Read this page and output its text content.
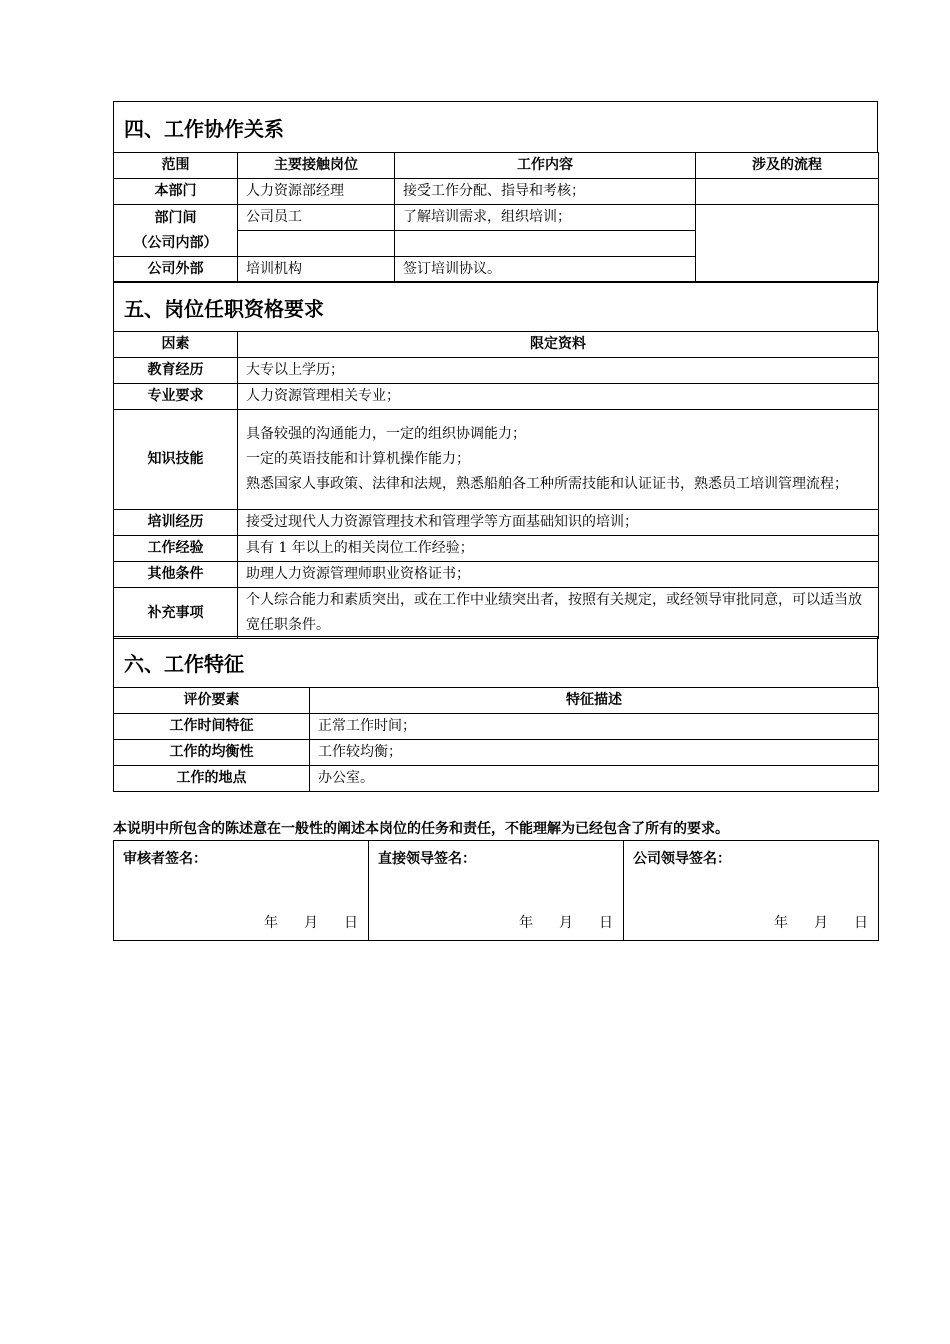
四、工作协作关系
范围	主要接触岗位	工作内容	涉及的流程
本部门	人力资源部经理	接受工作分配、指导和考核；	

部门间
（公司内部）	公司员工	了解培训需求，组织培训；	

公司外部	培训机构	签订培训协议。	
五、岗位任职资格要求
因素	限定资料
教育经历	大专以上学历；
专业要求	人力资源管理相关专业；
知识技能	具备较强的沟通能力，一定的组织协调能力；
一定的英语技能和计算机操作能力；
熟悉国家人事政策、法律和法规，熟悉船舶各工种所需技能和认证证书，熟悉员工培训管理流程；

培训经历	接受过现代人力资源管理技术和管理学等方面基础知识的培训；
工作经验	具有 1 年以上的相关岗位工作经验；
其他条件	助理人力资源管理师职业资格证书；
补充事项	个人综合能力和素质突出，或在工作中业绩突出者，按照有关规定，或经领导审批同意，可以适当放宽任职条件。
六、工作特征
评价要素	特征描述
工作时间特征	正常工作时间；
工作的均衡性	工作较均衡；
工作的地点	办公室。
本说明中所包含的陈述意在一般性的阐述本岗位的任务和责任，不能理解为已经包含了所有的要求。
审核者签名：
年 月 日

直接领导签名：
年 月 日

公司领导签名：
年 月 日
